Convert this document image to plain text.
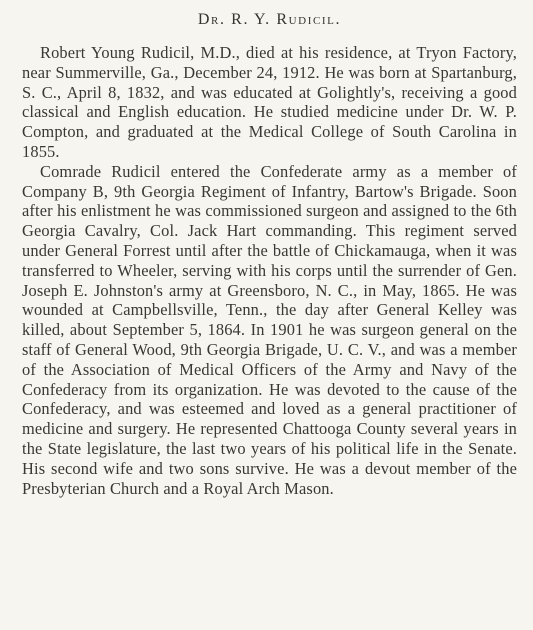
Dr. R. Y. Rudicil.

Robert Young Rudicil, M.D., died at his residence, at Tryon Factory, near Summerville, Ga., December 24, 1912. He was born at Spartanburg, S. C., April 8, 1832, and was educated at Golightly's, receiving a good classical and English education. He studied medicine under Dr. W. P. Compton, and graduated at the Medical College of South Carolina in 1855.

Comrade Rudicil entered the Confederate army as a member of Company B, 9th Georgia Regiment of Infantry, Bartow's Brigade. Soon after his enlistment he was commissioned surgeon and assigned to the 6th Georgia Cavalry, Col. Jack Hart commanding. This regiment served under General Forrest until after the battle of Chickamauga, when it was transferred to Wheeler, serving with his corps until the surrender of Gen. Joseph E. Johnston's army at Greensboro, N. C., in May, 1865. He was wounded at Campbellsville, Tenn., the day after General Kelley was killed, about September 5, 1864. In 1901 he was surgeon general on the staff of General Wood, 9th Georgia Brigade, U. C. V., and was a member of the Association of Medical Officers of the Army and Navy of the Confederacy from its organization. He was devoted to the cause of the Confederacy, and was esteemed and loved as a general practitioner of medicine and surgery. He represented Chattooga County several years in the State legislature, the last two years of his political life in the Senate. His second wife and two sons survive. He was a devout member of the Presbyterian Church and a Royal Arch Mason.
